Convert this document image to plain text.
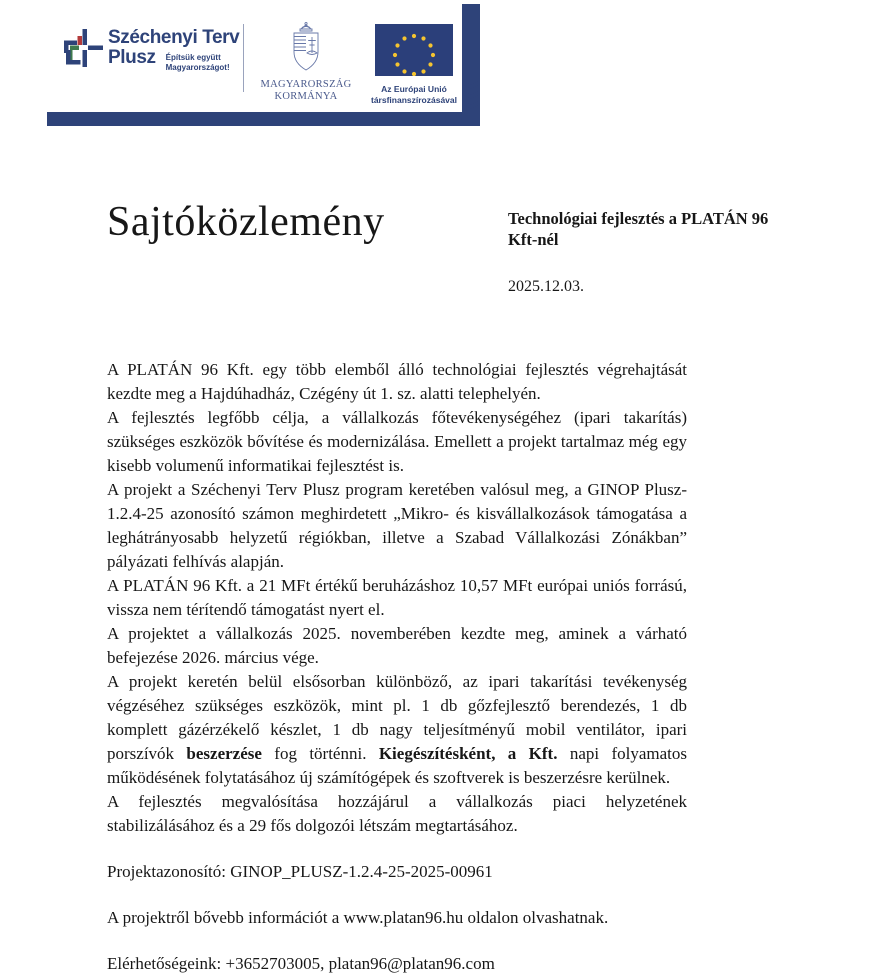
Széchenyi Terv
Plusz Építsük együtt
Magyarországot!
MAGYARORSZÁG
KORMÁNYA
Az Európai Unió
társfinanszírozásával
Sajtóközlemény	Technológiai fejlesztés a PLATÁN 96 Kft-nél
2025.12.03.

A PLATÁN 96 Kft. egy több elemből álló technológiai fejlesztés végrehajtását kezdte meg a Hajdúhadház, Czégény út 1. sz. alatti telephelyén.

A fejlesztés legfőbb célja, a vállalkozás főtevékenységéhez (ipari takarítás) szükséges eszközök bővítése és modernizálása. Emellett a projekt tartalmaz még egy kisebb volumenű informatikai fejlesztést is.

A projekt a Széchenyi Terv Plusz program keretében valósul meg, a GINOP Plusz-1.2.4-25 azonosító számon meghirdetett „Mikro- és kisvállalkozások támogatása a leghátrányosabb helyzetű régiókban, illetve a Szabad Vállalkozási Zónákban” pályázati felhívás alapján.

A PLATÁN 96 Kft. a 21 MFt értékű beruházáshoz 10,57 MFt európai uniós forrású, vissza nem térítendő támogatást nyert el.

A projektet a vállalkozás 2025. novemberében kezdte meg, aminek a várható befejezése 2026. március vége.

A projekt keretén belül elsősorban különböző, az ipari takarítási tevékenység végzéséhez szükséges eszközök, mint pl. 1 db gőzfejlesztő berendezés, 1 db komplett gázérzékelő készlet, 1 db nagy teljesítményű mobil ventilátor, ipari porszívók beszerzése fog történni. Kiegészítésként, a Kft. napi folyamatos működésének folytatásához új számítógépek és szoftverek is beszerzésre kerülnek.

A fejlesztés megvalósítása hozzájárul a vállalkozás piaci helyzetének stabilizálásához és a 29 fős dolgozói létszám megtartásához.

Projektazonosító: GINOP_PLUSZ-1.2.4-25-2025-00961

A projektről bővebb információt a www.platan96.hu oldalon olvashatnak.

Elérhetőségeink: +3652703005, platan96@platan96.com
